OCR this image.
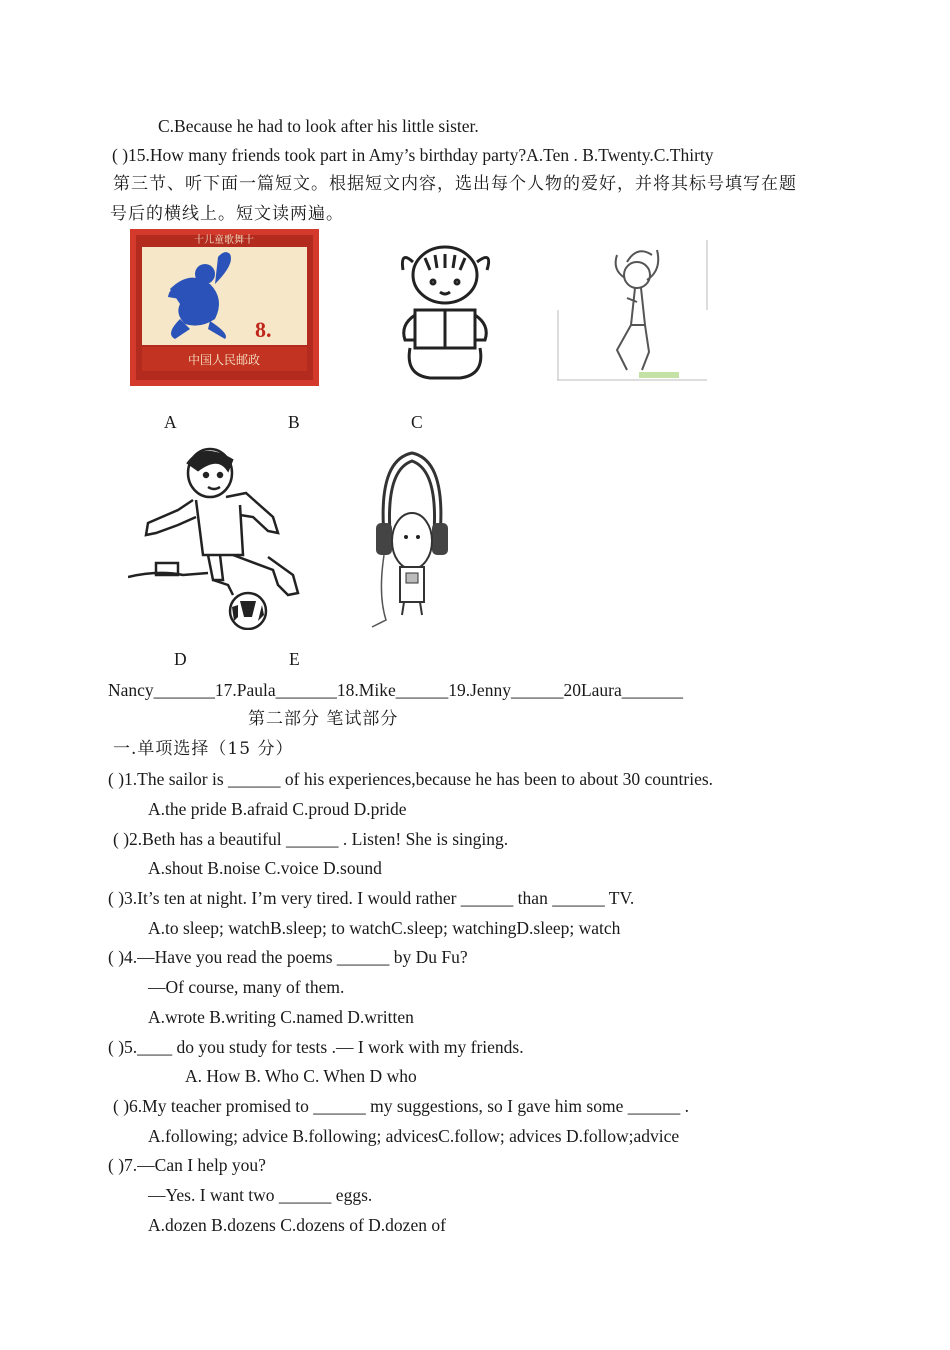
C.Because he had to look after his little sister.
( )15.How many friends took part in Amy’s birthday party?A.Ten . B.Twenty.C.Thirty
第三节、听下面一篇短文。根据短文内容，选出每个人物的爱好，并将其标号填写在题
号后的横线上。短文读两遍。
十儿童歌舞十
8.
中国人民邮政
A	B	C
D	E
Nancy_______17.Paula_______18.Mike______19.Jenny______20Laura_______
第二部分 笔试部分
一.单项选择（15 分）
( )1.The sailor is ______ of his experiences,because he has been to about 30 countries.
A.the pride B.afraid C.proud D.pride
( )2.Beth has a beautiful ______ . Listen! She is singing.
A.shout B.noise C.voice D.sound
( )3.It’s ten at night. I’m very tired. I would rather ______ than ______ TV.
A.to sleep; watchB.sleep; to watchC.sleep; watchingD.sleep; watch
( )4.—Have you read the poems ______ by Du Fu?
—Of course, many of them.
A.wrote B.writing C.named D.written
( )5.____ do you study for tests .— I work with my friends.
A. How B. Who C. When D who
( )6.My teacher promised to ______ my suggestions, so I gave him some ______ .
A.following; advice B.following; advicesC.follow; advices D.follow;advice
( )7.—Can I help you?
—Yes. I want two ______ eggs.
A.dozen B.dozens C.dozens of D.dozen of
